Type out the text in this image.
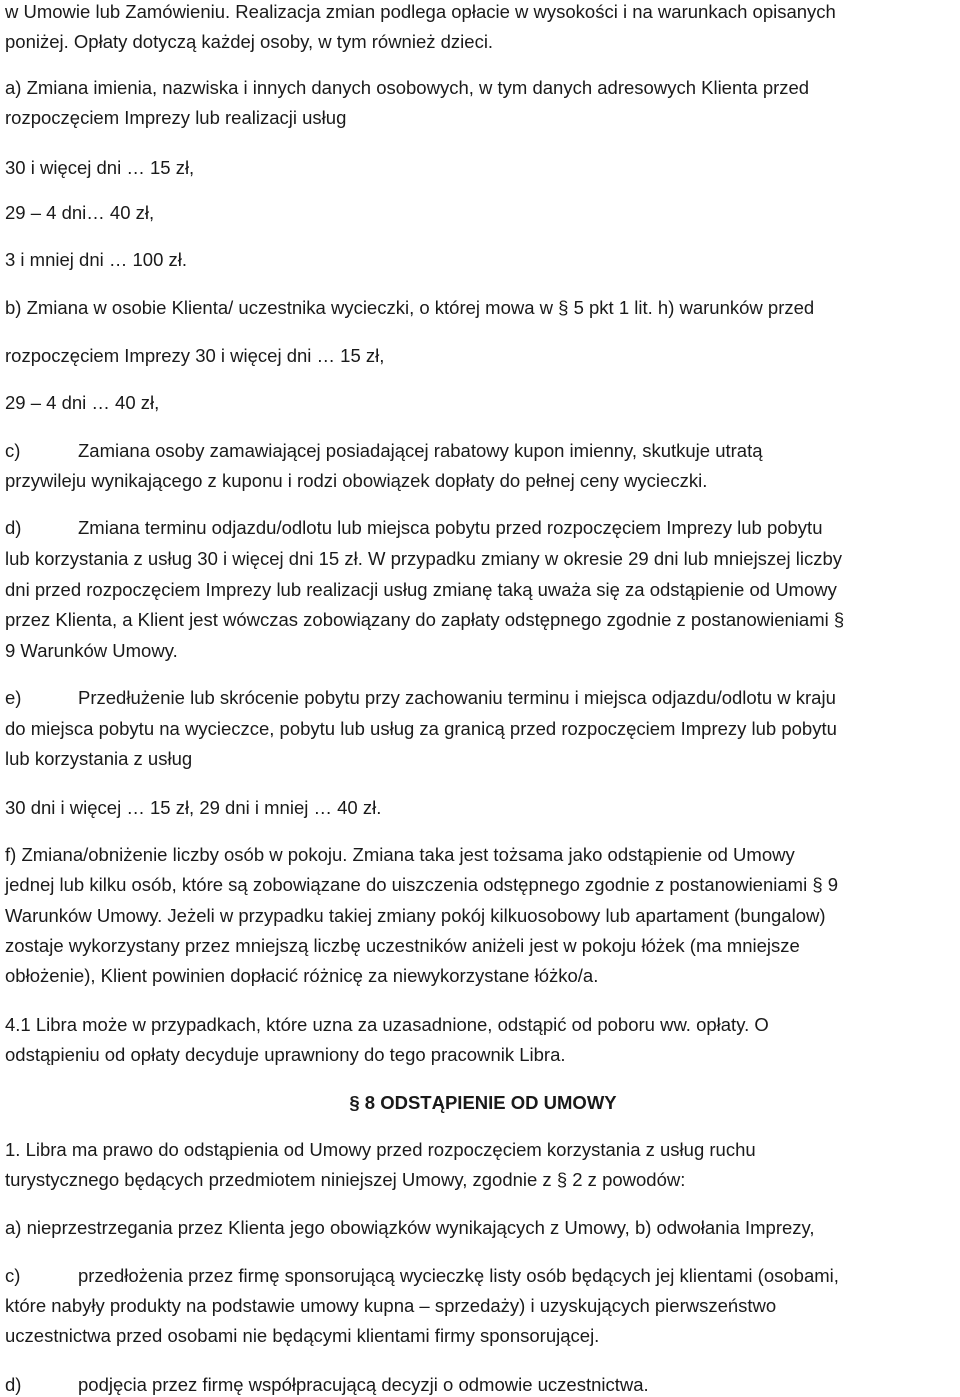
w Umowie lub Zamówieniu. Realizacja zmian podlega opłacie w wysokości i na warunkach opisanych
poniżej. Opłaty dotyczą każdej osoby, w tym również dzieci.
a) Zmiana imienia, nazwiska i innych danych osobowych, w tym danych adresowych Klienta przed
rozpoczęciem Imprezy lub realizacji usług
30 i więcej dni … 15 zł,
29 – 4 dni… 40 zł,
3 i mniej dni … 100 zł.
b) Zmiana w osobie Klienta/ uczestnika wycieczki, o której mowa w § 5 pkt 1 lit. h) warunków przed
rozpoczęciem Imprezy 30 i więcej dni … 15 zł,
29 – 4 dni … 40 zł,
c)	Zamiana osoby zamawiającej posiadającej rabatowy kupon imienny, skutkuje utratą
przywileju wynikającego z kuponu i rodzi obowiązek dopłaty do pełnej ceny wycieczki.
d)	Zmiana terminu odjazdu/odlotu lub miejsca pobytu przed rozpoczęciem Imprezy lub pobytu
lub korzystania z usług 30 i więcej dni 15 zł. W przypadku zmiany w okresie 29 dni lub mniejszej liczby
dni przed rozpoczęciem Imprezy lub realizacji usług zmianę taką uważa się za odstąpienie od Umowy
przez Klienta, a Klient jest wówczas zobowiązany do zapłaty odstępnego zgodnie z postanowieniami §
9 Warunków Umowy.
e)	Przedłużenie lub skrócenie pobytu przy zachowaniu terminu i miejsca odjazdu/odlotu w kraju
do miejsca pobytu na wycieczce, pobytu lub usług za granicą przed rozpoczęciem Imprezy lub pobytu
lub korzystania z usług
30 dni i więcej … 15 zł, 29 dni i mniej … 40 zł.
f) Zmiana/obniżenie liczby osób w pokoju. Zmiana taka jest tożsama jako odstąpienie od Umowy
jednej lub kilku osób, które są zobowiązane do uiszczenia odstępnego zgodnie z postanowieniami § 9
Warunków Umowy. Jeżeli w przypadku takiej zmiany pokój kilkuosobowy lub apartament (bungalow)
zostaje wykorzystany przez mniejszą liczbę uczestników aniżeli jest w pokoju łóżek (ma mniejsze
obłożenie), Klient powinien dopłacić różnicę za niewykorzystane łóżko/a.
4.1 Libra może w przypadkach, które uzna za uzasadnione, odstąpić od poboru ww. opłaty. O
odstąpieniu od opłaty decyduje uprawniony do tego pracownik Libra.
§ 8 ODSTĄPIENIE OD UMOWY
1. Libra ma prawo do odstąpienia od Umowy przed rozpoczęciem korzystania z usług ruchu
turystycznego będących przedmiotem niniejszej Umowy, zgodnie z § 2 z powodów:
a) nieprzestrzegania przez Klienta jego obowiązków wynikających z Umowy, b) odwołania Imprezy,
c)	przedłożenia przez firmę sponsorującą wycieczkę listy osób będących jej klientami (osobami,
które nabyły produkty na podstawie umowy kupna – sprzedaży) i uzyskujących pierwszeństwo
uczestnictwa przed osobami nie będącymi klientami firmy sponsorującej.
d)	podjęcia przez firmę współpracującą decyzji o odmowie uczestnictwa.
